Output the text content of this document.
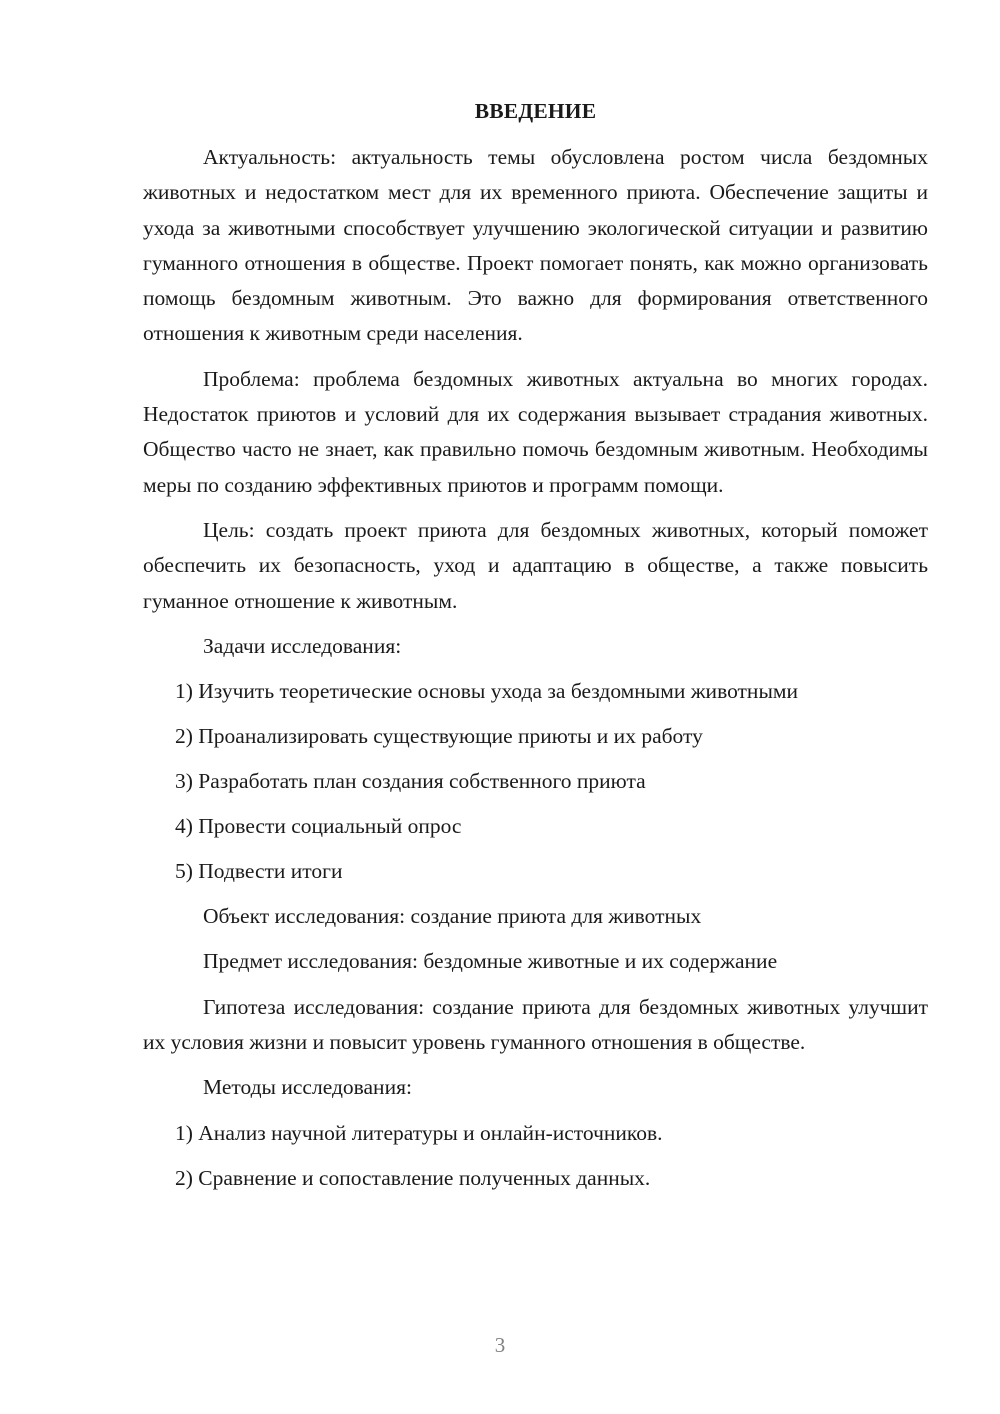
ВВЕДЕНИЕ

Актуальность: актуальность темы обусловлена ростом числа бездомных животных и недостатком мест для их временного приюта. Обеспечение защиты и ухода за животными способствует улучшению экологической ситуации и развитию гуманного отношения в обществе. Проект помогает понять, как можно организовать помощь бездомным животным. Это важно для формирования ответственного отношения к животным среди населения.

Проблема: проблема бездомных животных актуальна во многих городах. Недостаток приютов и условий для их содержания вызывает страдания животных. Общество часто не знает, как правильно помочь бездомным животным. Необходимы меры по созданию эффективных приютов и программ помощи.

Цель: создать проект приюта для бездомных животных, который поможет обеспечить их безопасность, уход и адаптацию в обществе, а также повысить гуманное отношение к животным.

Задачи исследования:

1) Изучить теоретические основы ухода за бездомными животными
2) Проанализировать существующие приюты и их работу
3) Разработать план создания собственного приюта
4) Провести социальный опрос
5) Подвести итоги

Объект исследования: создание приюта для животных

Предмет исследования: бездомные животные и их содержание

Гипотеза исследования: создание приюта для бездомных животных улучшит их условия жизни и повысит уровень гуманного отношения в обществе.

Методы исследования:

1) Анализ научной литературы и онлайн-источников.
2) Сравнение и сопоставление полученных данных.
3
